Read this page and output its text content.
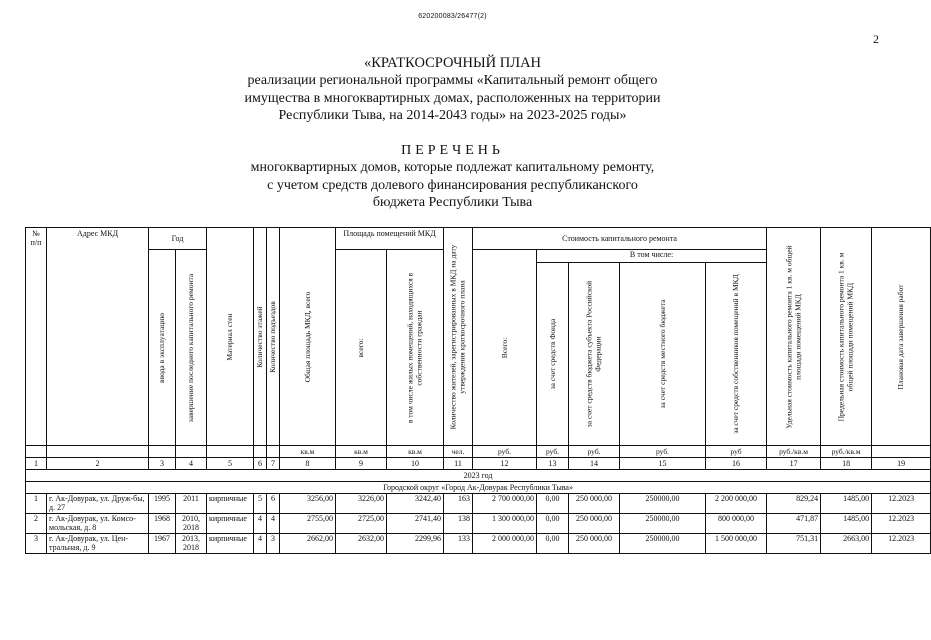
620200083/26477(2)
2
«КРАТКОСРОЧНЫЙ ПЛАН
реализации региональной программы «Капитальный ремонт общего
имущества в многоквартирных домах, расположенных на территории
Республики Тыва, на 2014-2043 годы» на 2023-2025 годы»
ПЕРЕЧЕНЬ
многоквартирных домов, которые подлежат капитальному ремонту,
с учетом средств долевого финансирования республиканского
бюджета Республики Тыва
№ п/п	Адрес МКД	Год		Материал стен	Количество этажей	Количество подъездов	Общая площадь МКД, всего	Площадь помещений МКД		Количество жителей, зарегистрированных в МКД на дату утверждения краткосрочного плана	Стоимость капитального ремонта					Удельная стоимость капитального ремонта 1 кв. м общей площади помещений МКД	Предельная стоимость капитального ремонта 1 кв. м общей площади помещений МКД	Плановая дата завершения работ

		ввода в эксплуатацию	завершение последнего капитального ремонта					всего:	в том числе жилых помещений, находящихся в собственности граждан		Всего:	В том числе:						

												за счет средств Фонда	за счет средств бюджета субъекта Российской Федерации	за счет средств местного бюджета	за счет средств собственников помещений в МКД			

							кв.м	кв.м	кв.м	чел.	руб.	руб.	руб.	руб.	руб	руб./кв.м	руб./кв.м	
1	2	3	4	5	6	7	8	9	10	11	12	13	14	15	16	17	18	19
2023 год																		
Городской округ «Город Ак-Довурак Республики Тыва»																		
1	г. Ак-Довурак, ул. Друж-бы, д. 27	1995	2011	кирпичные	5	6	3256,00	3226,00	3242,40	163	2 700 000,00	0,00	250 000,00	250000,00	2 200 000,00	829,24	1485,00	12.2023
2	г. Ак-Довурак, ул. Комсо-мольская, д. 8	1968	2010, 2018	кирпичные	4	4	2755,00	2725,00	2741,40	138	1 300 000,00	0,00	250 000,00	250000,00	800 000,00	471,87	1485,00	12.2023
3	г. Ак-Довурак, ул. Цен-тральная, д. 9	1967	2013, 2018	кирпичные	4	3	2662,00	2632,00	2299,96	133	2 000 000,00	0,00	250 000,00	250000,00	1 500 000,00	751,31	2663,00	12.2023
